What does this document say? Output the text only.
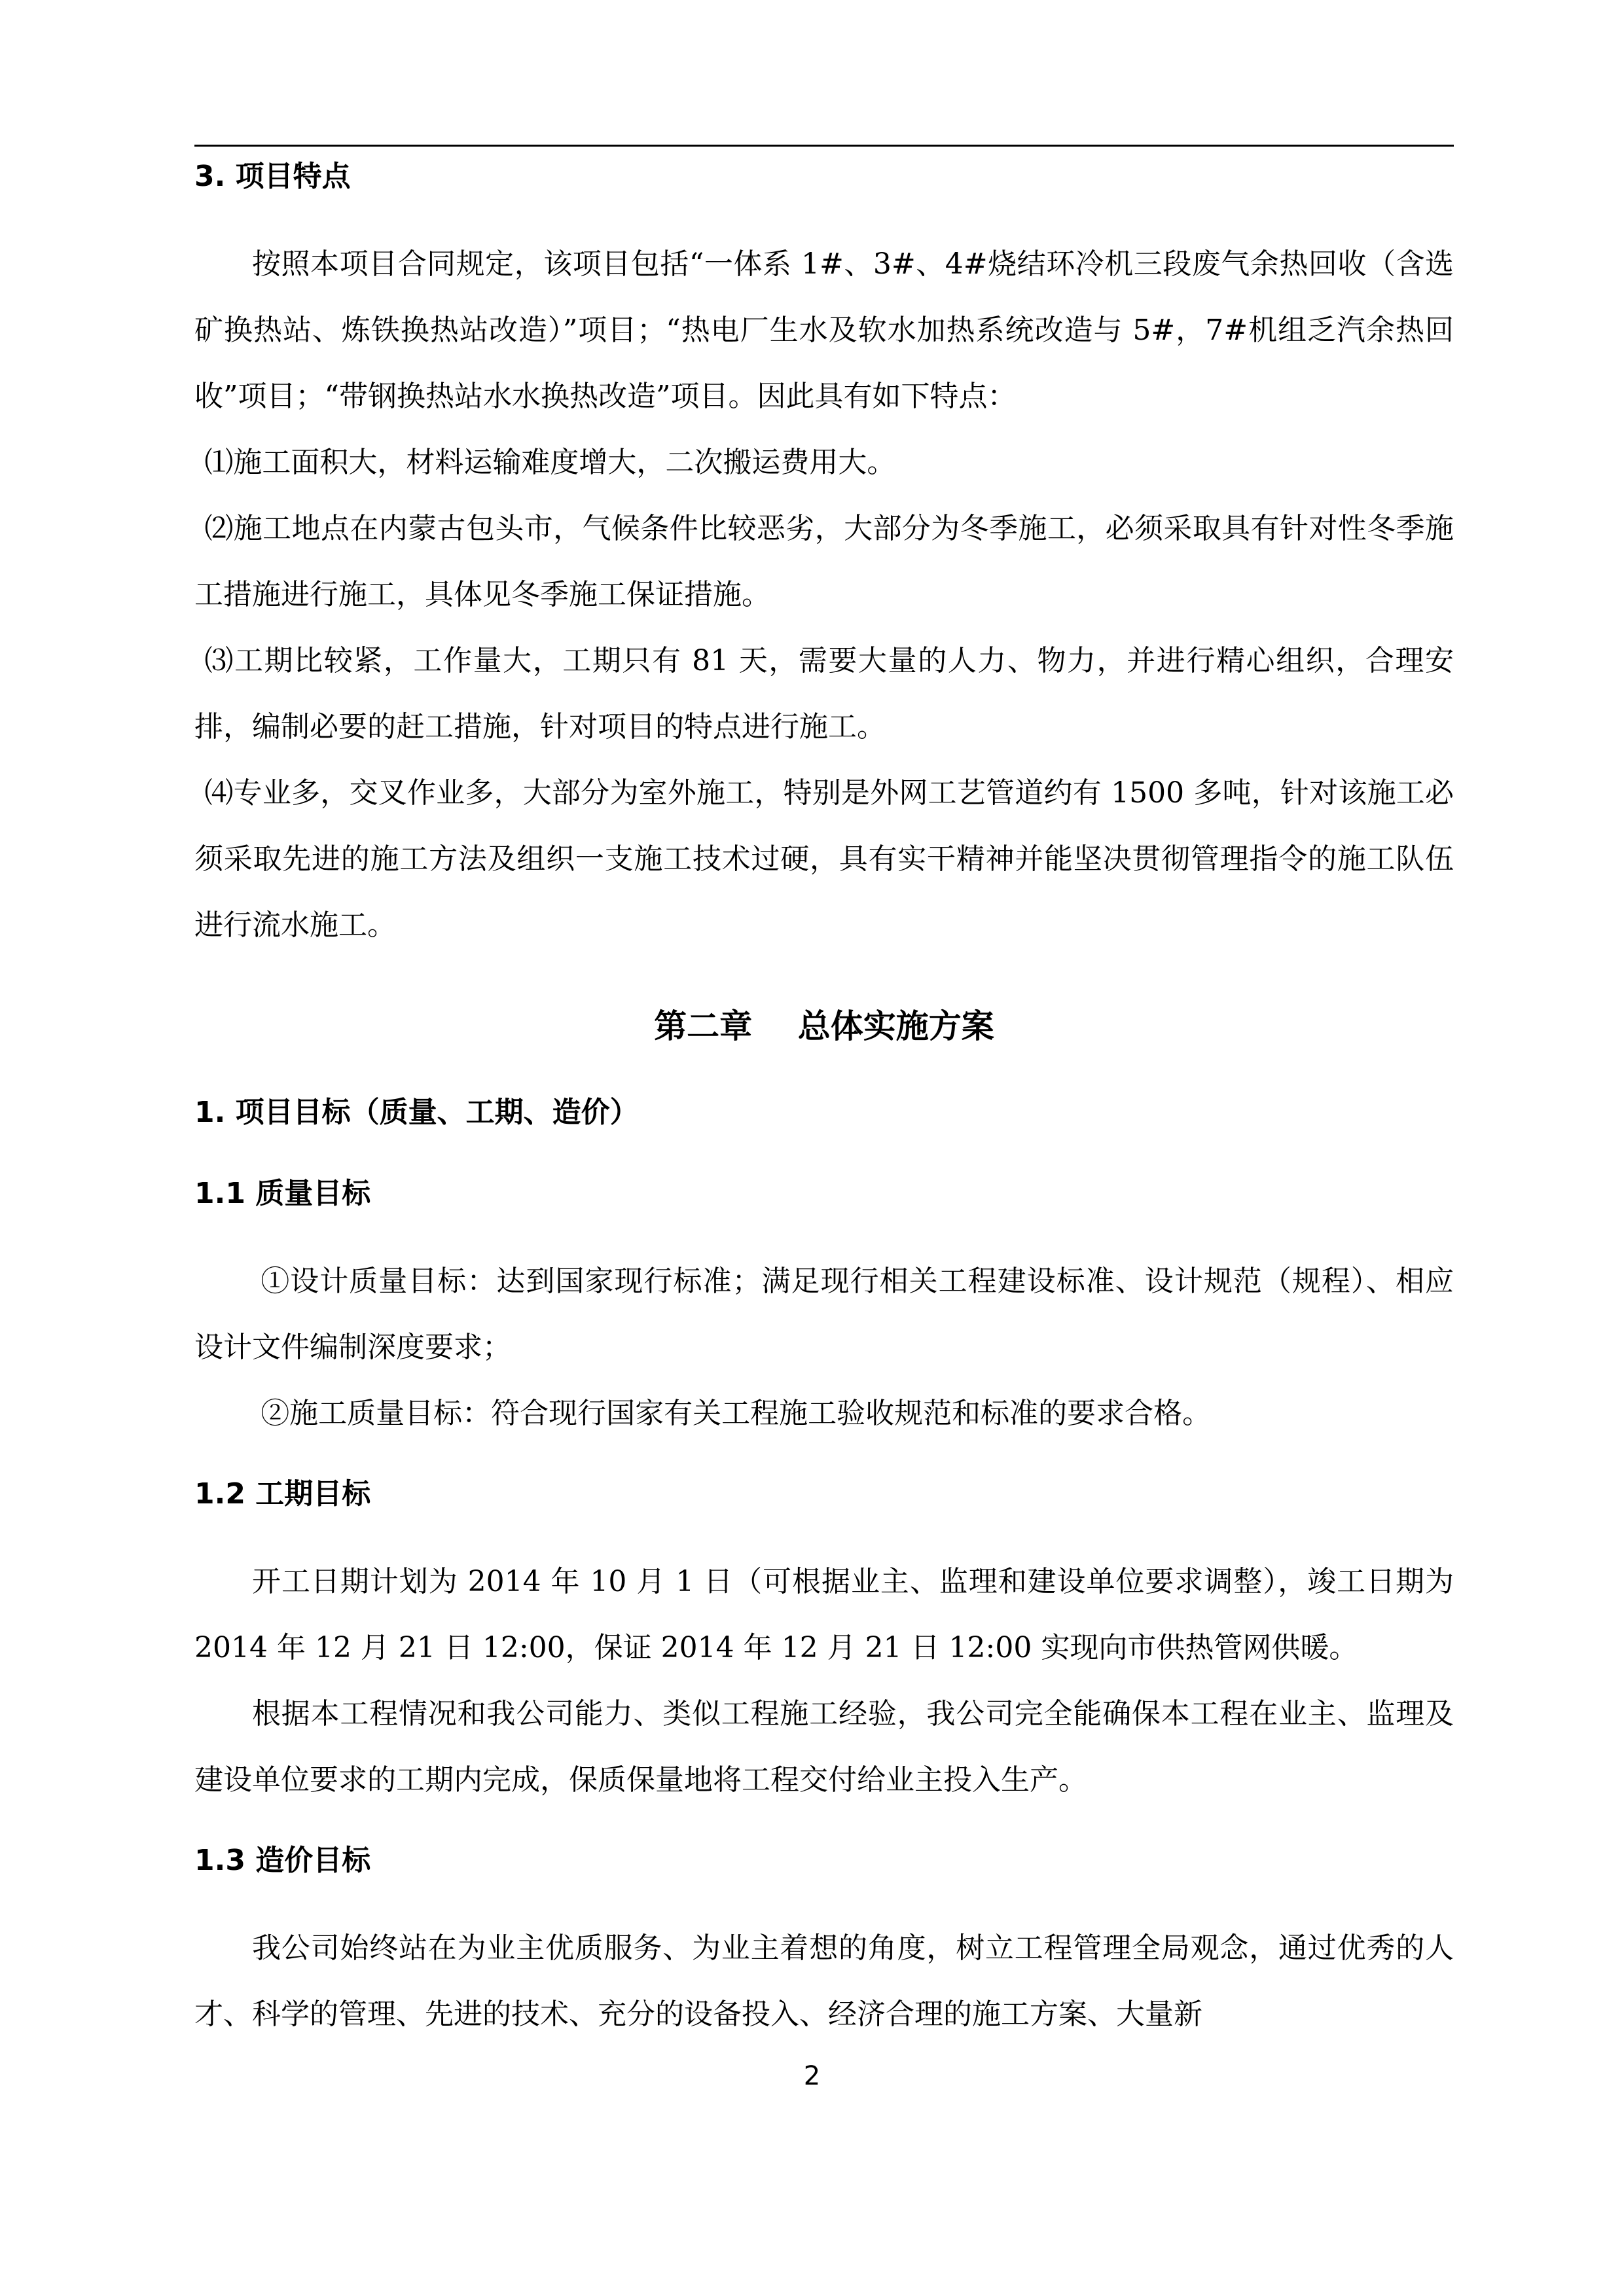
3. 项目特点

按照本项目合同规定，该项目包括“一体系 1#、3#、4#烧结环冷机三段废气余热回收（含选矿换热站、炼铁换热站改造）”项目；“热电厂生水及软水加热系统改造与 5#，7#机组乏汽余热回收”项目；“带钢换热站水水换热改造”项目。因此具有如下特点：

⑴施工面积大，材料运输难度增大，二次搬运费用大。

⑵施工地点在内蒙古包头市，气候条件比较恶劣，大部分为冬季施工，必须采取具有针对性冬季施工措施进行施工，具体见冬季施工保证措施。

⑶工期比较紧，工作量大，工期只有 81 天，需要大量的人力、物力，并进行精心组织，合理安排，编制必要的赶工措施，针对项目的特点进行施工。

⑷专业多，交叉作业多，大部分为室外施工，特别是外网工艺管道约有 1500 多吨，针对该施工必须采取先进的施工方法及组织一支施工技术过硬，具有实干精神并能坚决贯彻管理指令的施工队伍进行流水施工。

第二章    总体实施方案
1. 项目目标（质量、工期、造价）
1.1 质量目标

①设计质量目标：达到国家现行标准；满足现行相关工程建设标准、设计规范（规程）、相应设计文件编制深度要求；

②施工质量目标：符合现行国家有关工程施工验收规范和标准的要求合格。

1.2 工期目标

开工日期计划为 2014 年 10 月 1 日（可根据业主、监理和建设单位要求调整），竣工日期为 2014 年 12 月 21 日 12:00，保证 2014 年 12 月 21 日 12:00 实现向市供热管网供暖。

根据本工程情况和我公司能力、类似工程施工经验，我公司完全能确保本工程在业主、监理及建设单位要求的工期内完成，保质保量地将工程交付给业主投入生产。

1.3 造价目标

我公司始终站在为业主优质服务、为业主着想的角度，树立工程管理全局观念，通过优秀的人才、科学的管理、先进的技术、充分的设备投入、经济合理的施工方案、大量新

2
